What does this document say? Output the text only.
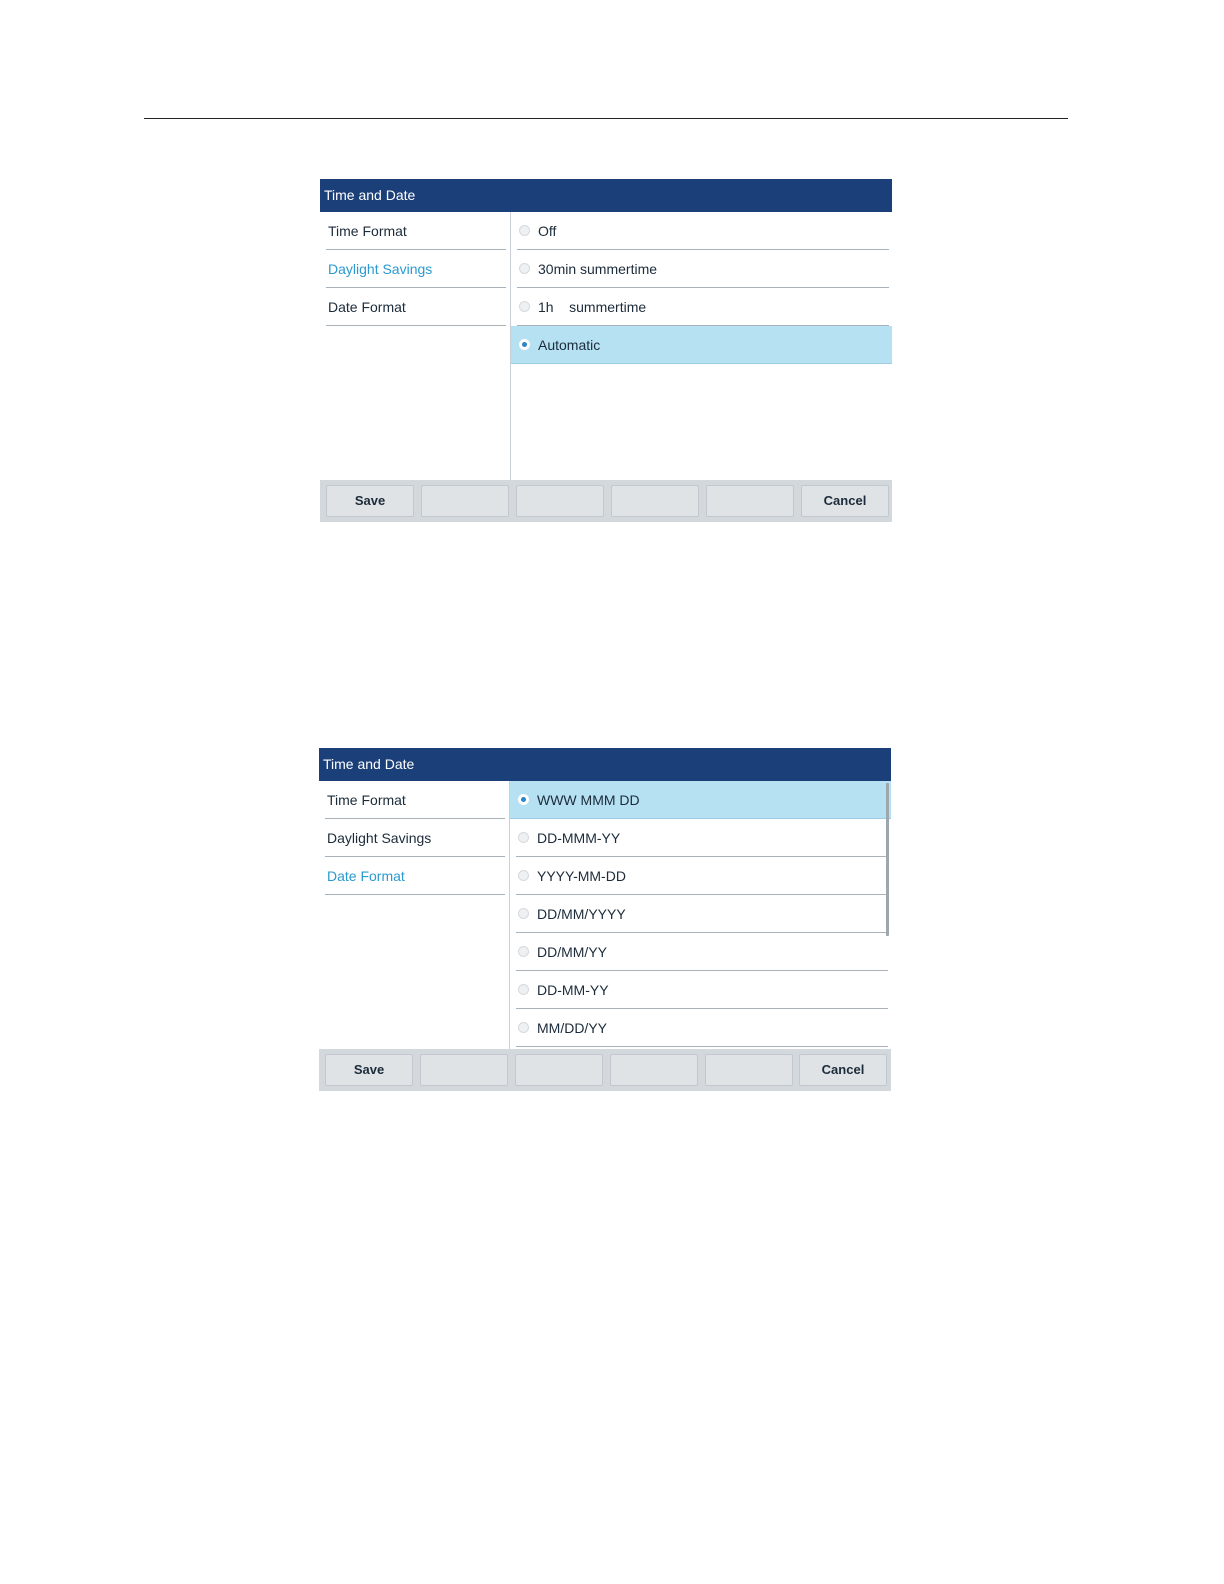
Time and Date
Time Format
Daylight Savings
Date Format
Off
30min summertime
1h    summertime
Automatic
Save	Cancel
Time and Date
Time Format
Daylight Savings
Date Format
WWW MMM DD
DD-MMM-YY
YYYY-MM-DD
DD/MM/YYYY
DD/MM/YY
DD-MM-YY
MM/DD/YY
Save	Cancel
